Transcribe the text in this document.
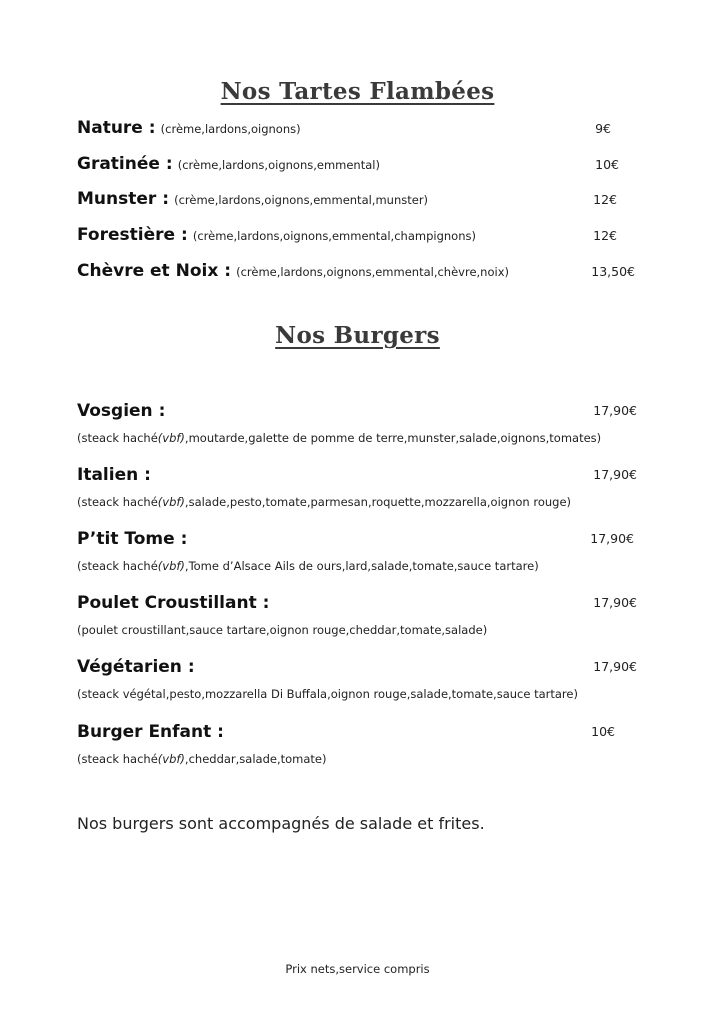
Nos Tartes Flambées
Nature : (crème,lardons,oignons)	9€
Gratinée : (crème,lardons,oignons,emmental)	10€
Munster : (crème,lardons,oignons,emmental,munster)	12€
Forestière : (crème,lardons,oignons,emmental,champignons)	12€
Chèvre et Noix : (crème,lardons,oignons,emmental,chèvre,noix)	13,50€
Nos Burgers
Vosgien :	17,90€
(steack haché(vbf),moutarde,galette de pomme de terre,munster,salade,oignons,tomates)
Italien :	17,90€
(steack haché(vbf),salade,pesto,tomate,parmesan,roquette,mozzarella,oignon rouge)
P’tit Tome :	17,90€
(steack haché(vbf),Tome d’Alsace Ails de ours,lard,salade,tomate,sauce tartare)
Poulet Croustillant :	17,90€
(poulet croustillant,sauce tartare,oignon rouge,cheddar,tomate,salade)
Végétarien :	17,90€
(steack végétal,pesto,mozzarella Di Buffala,oignon rouge,salade,tomate,sauce tartare)
Burger Enfant :	10€
(steack haché(vbf),cheddar,salade,tomate)
Nos burgers sont accompagnés de salade et frites.
Prix nets,service compris
